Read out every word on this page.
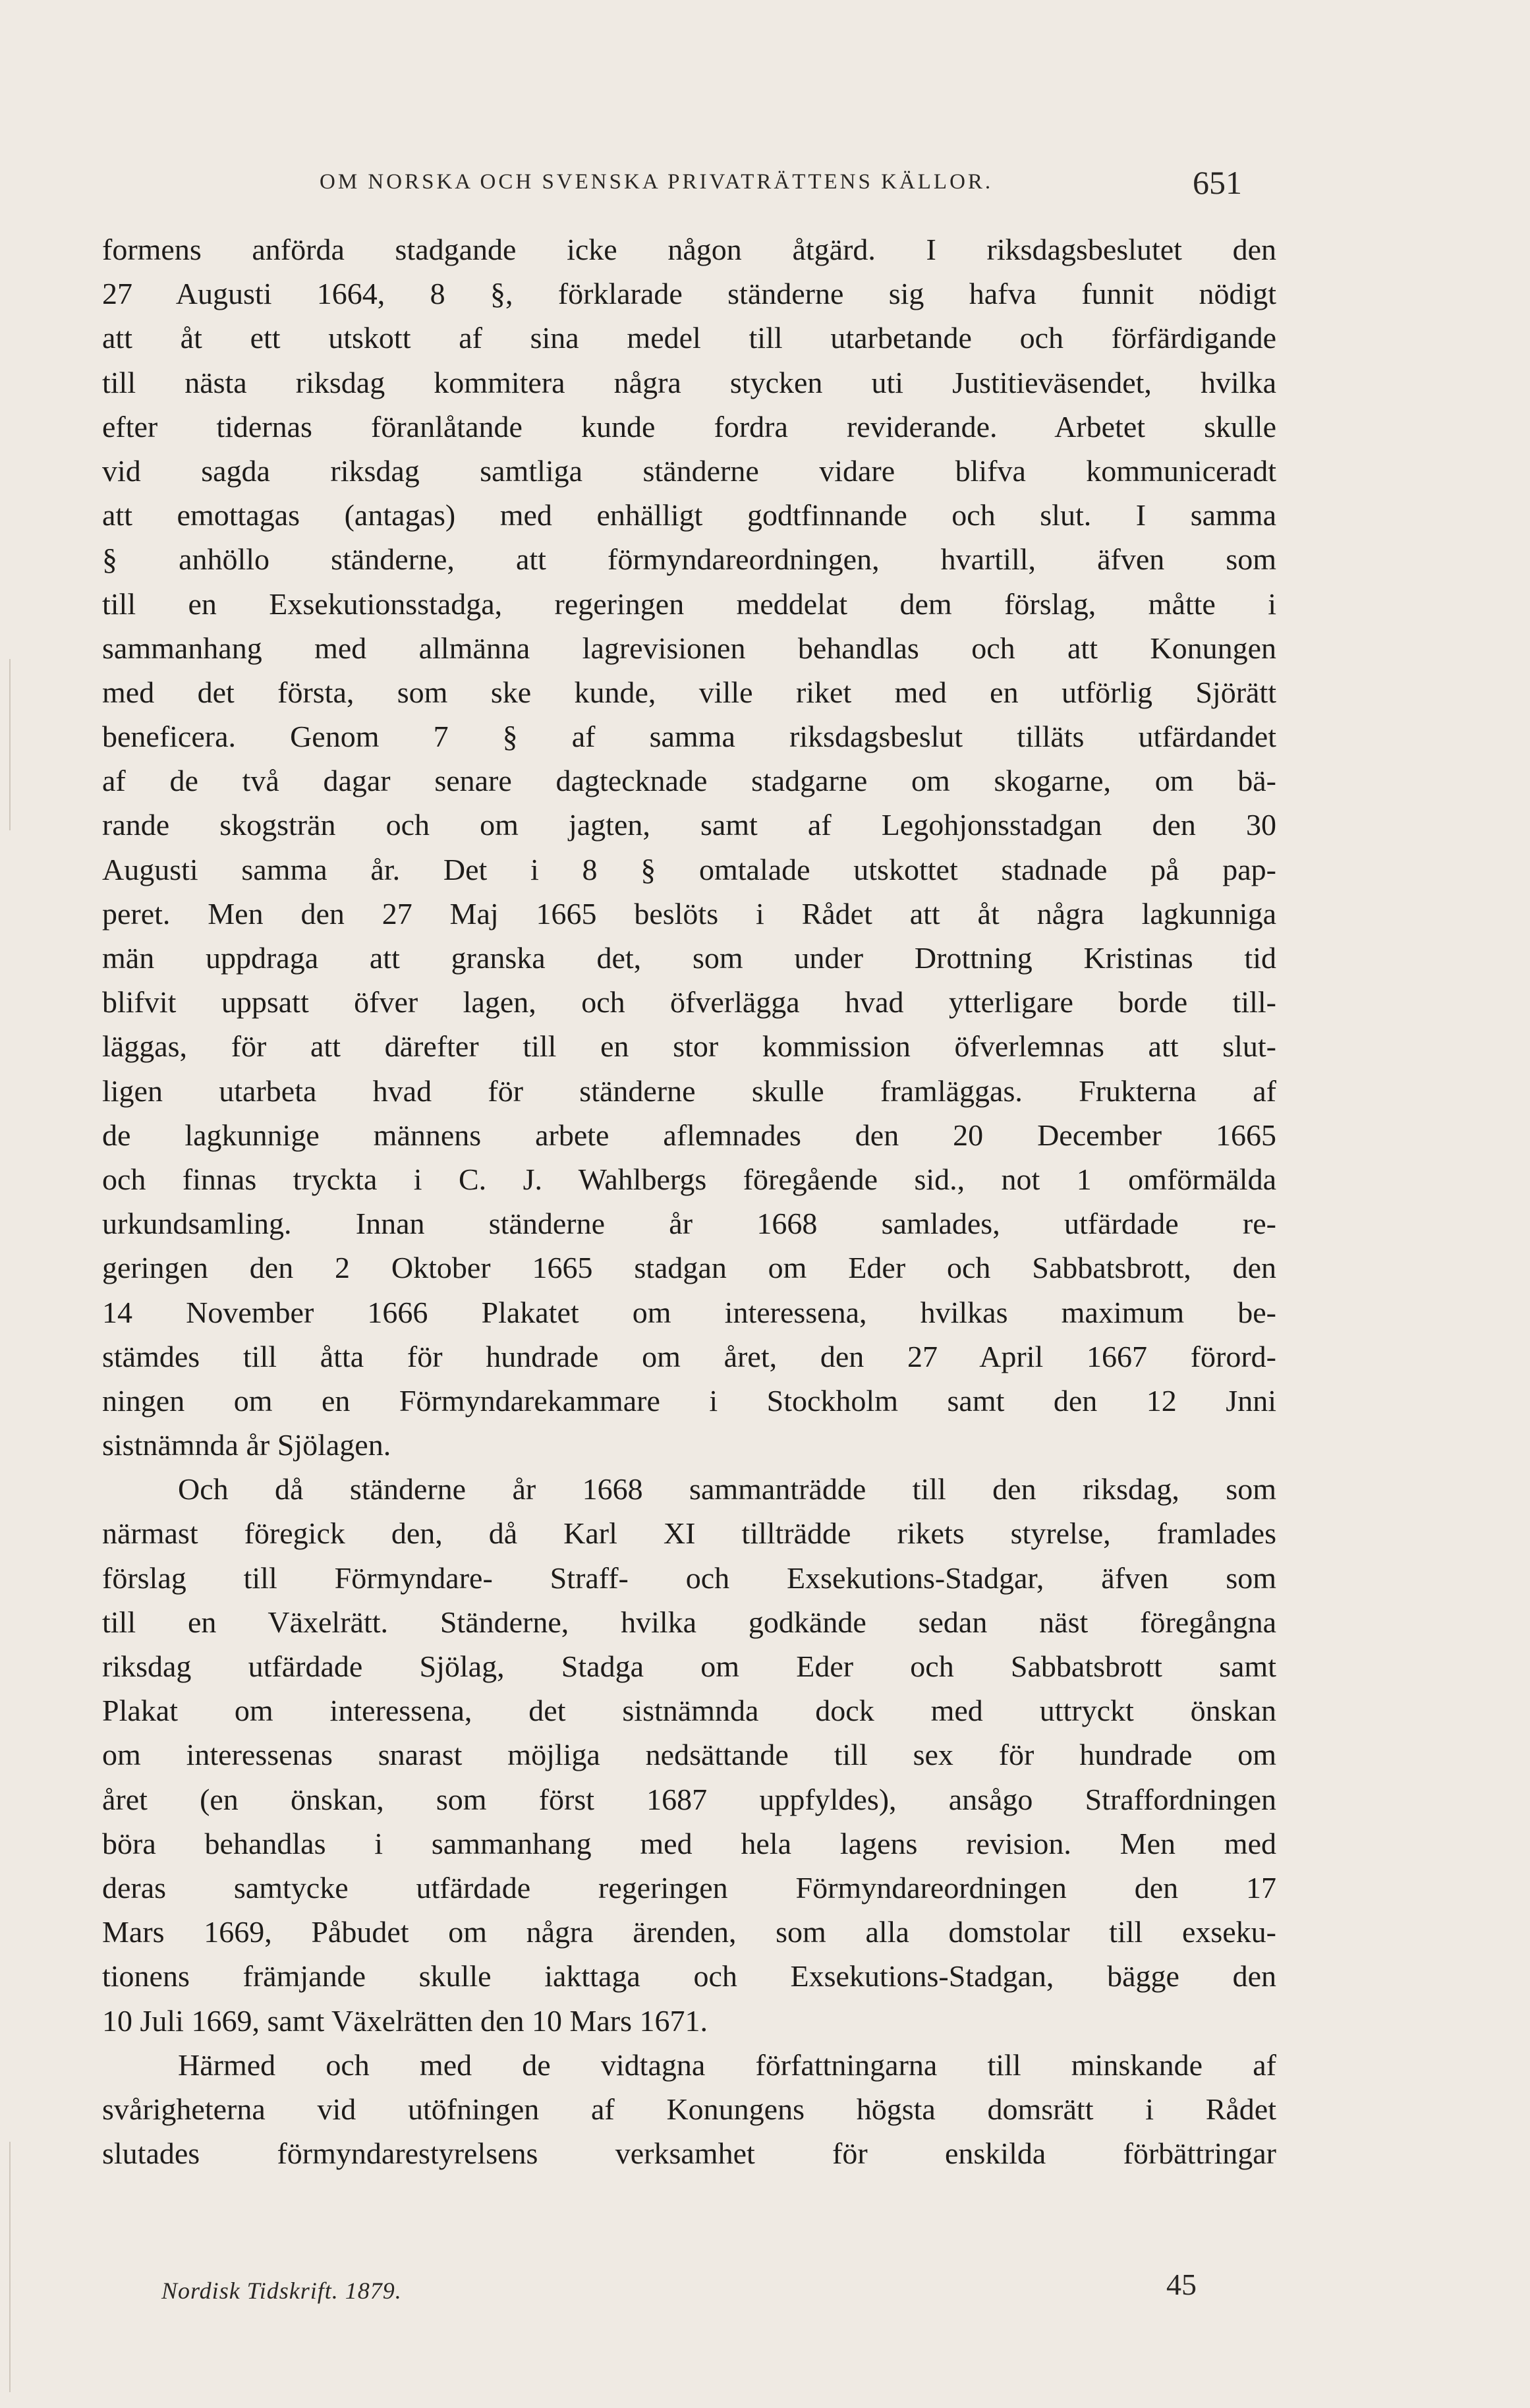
OM NORSKA OCH SVENSKA PRIVATRÄTTENS KÄLLOR.	651
formens anförda stadgande icke någon åtgärd. I riksdagsbeslutet den
27 Augusti 1664, 8 §, förklarade ständerne sig hafva funnit nödigt
att åt ett utskott af sina medel till utarbetande och förfärdigande
till nästa riksdag kommitera några stycken uti Justitieväsendet, hvilka
efter tidernas föranlåtande kunde fordra reviderande. Arbetet skulle
vid sagda riksdag samtliga ständerne vidare blifva kommuniceradt
att emottagas (antagas) med enhälligt godtfinnande och slut. I samma
§ anhöllo ständerne, att förmyndareordningen, hvartill, äfven som
till en Exsekutionsstadga, regeringen meddelat dem förslag, måtte i
sammanhang med allmänna lagrevisionen behandlas och att Konungen
med det första, som ske kunde, ville riket med en utförlig Sjörätt
beneficera. Genom 7 § af samma riksdagsbeslut tilläts utfärdandet
af de två dagar senare dagtecknade stadgarne om skogarne, om bä-
rande skogsträn och om jagten, samt af Legohjonsstadgan den 30
Augusti samma år. Det i 8 § omtalade utskottet stadnade på pap-
peret. Men den 27 Maj 1665 beslöts i Rådet att åt några lagkunniga
män uppdraga att granska det, som under Drottning Kristinas tid
blifvit uppsatt öfver lagen, och öfverlägga hvad ytterligare borde till-
läggas, för att därefter till en stor kommission öfverlemnas att slut-
ligen utarbeta hvad för ständerne skulle framläggas. Frukterna af
de lagkunnige männens arbete aflemnades den 20 December 1665
och finnas tryckta i C. J. Wahlbergs föregående sid., not 1 omförmälda
urkundsamling. Innan ständerne år 1668 samlades, utfärdade re-
geringen den 2 Oktober 1665 stadgan om Eder och Sabbatsbrott, den
14 November 1666 Plakatet om interessena, hvilkas maximum be-
stämdes till åtta för hundrade om året, den 27 April 1667 förord-
ningen om en Förmyndarekammare i Stockholm samt den 12 Jnni
sistnämnda år Sjölagen.
Och då ständerne år 1668 sammanträdde till den riksdag, som
närmast föregick den, då Karl XI tillträdde rikets styrelse, framlades
förslag till Förmyndare- Straff- och Exsekutions-Stadgar, äfven som
till en Växelrätt. Ständerne, hvilka godkände sedan näst föregångna
riksdag utfärdade Sjölag, Stadga om Eder och Sabbatsbrott samt
Plakat om interessena, det sistnämnda dock med uttryckt önskan
om interessenas snarast möjliga nedsättande till sex för hundrade om
året (en önskan, som först 1687 uppfyldes), ansågo Straffordningen
böra behandlas i sammanhang med hela lagens revision. Men med
deras samtycke utfärdade regeringen Förmyndareordningen den 17
Mars 1669, Påbudet om några ärenden, som alla domstolar till exseku-
tionens främjande skulle iakttaga och Exsekutions-Stadgan, bägge den
10 Juli 1669, samt Växelrätten den 10 Mars 1671.
Härmed och med de vidtagna författningarna till minskande af
svårigheterna vid utöfningen af Konungens högsta domsrätt i Rådet
slutades förmyndarestyrelsens verksamhet för enskilda förbättringar
Nordisk Tidskrift. 1879.	45
